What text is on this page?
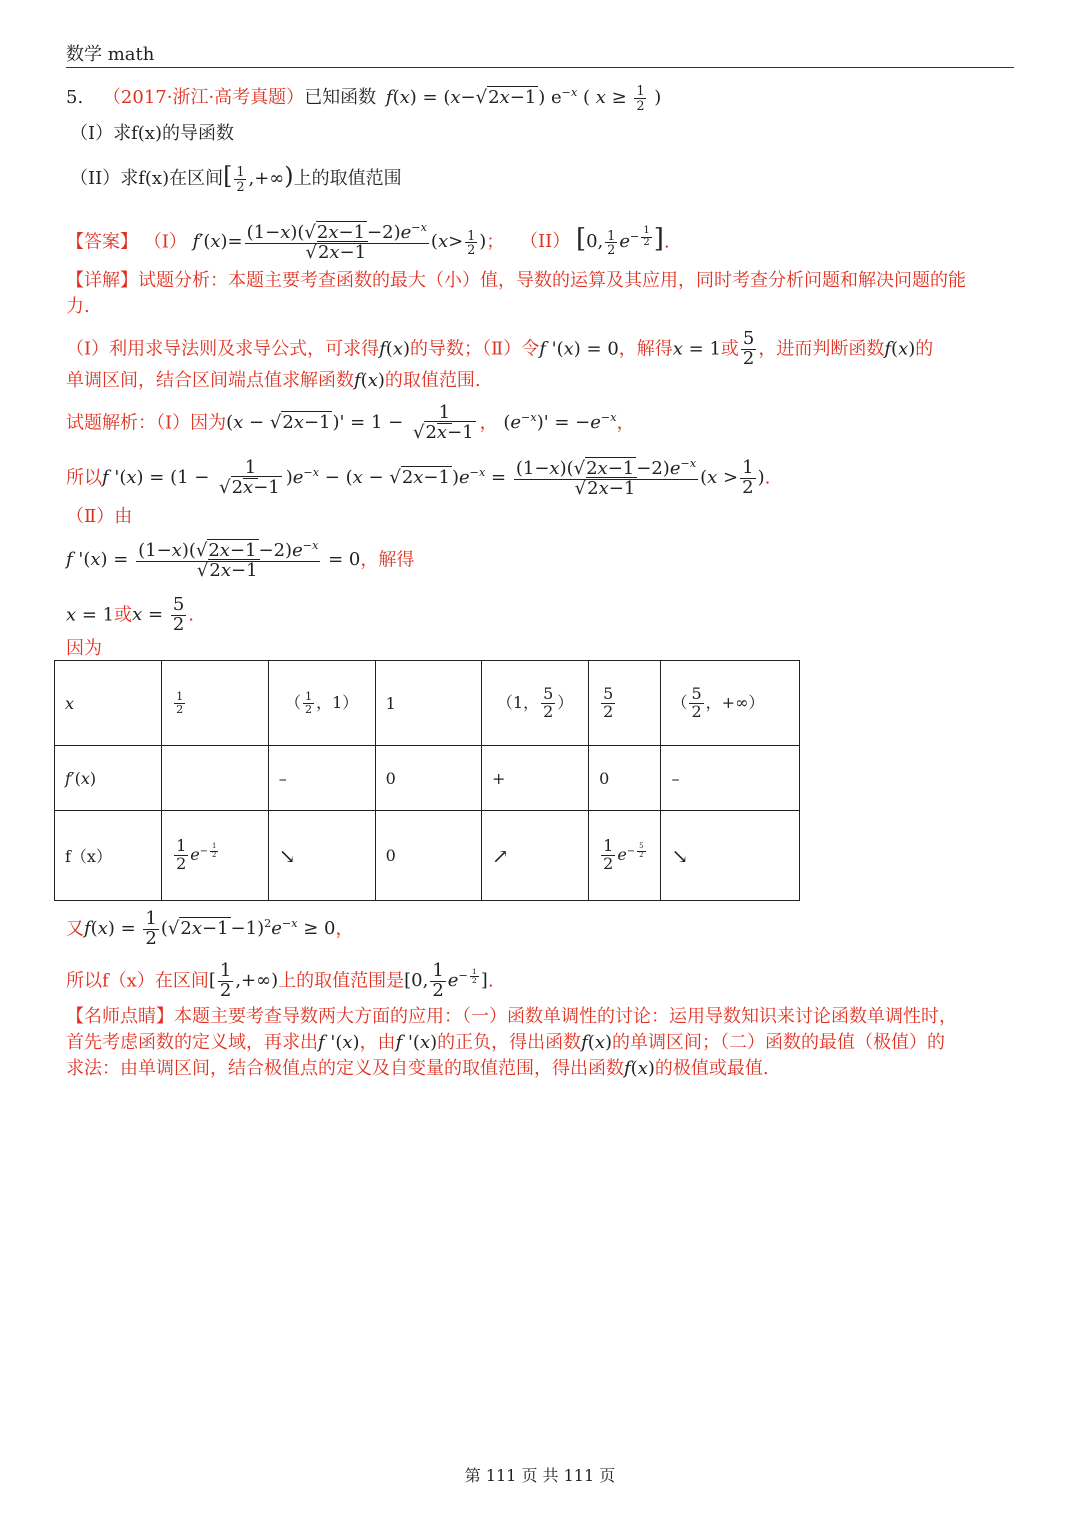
数学 math
5. （2017·浙江·高考真题）已知函数 f(x) = (x−√2x−1 ) $e^{-x}$ ( $x \ge \frac{1}{2}$ )
（I）求f(x)的导函数
（II）求f(x)在区间[ $\frac{1}{2}$ ,+∞)上的取值范围
【答案】 （I） $f'(x)= \frac{(1-x)(√2x-1 -2)e^{-x}}{√2x-1} (x> \frac{1}{2}$ )； （II） [0, $\frac{1}{2} e^{- \frac{1}{2}}$ ].
【详解】试题分析：本题主要考查函数的最大（小）值，导数的运算及其应用，同时考查分析问题和解决问题的能
力.
（Ⅰ）利用求导法则及求导公式，可求得f(x)的导数；（Ⅱ）令f '(x) = 0，解得x = 1或 $\frac{5}{2}$ ，进而判断函数f(x)的
单调区间，结合区间端点值求解函数f(x)的取值范围.
试题解析：（Ⅰ）因为(x − √2x−1 )' = $1 - \frac{1}{√2x-1}$ ， $(e^{-x})' = -e^{-x}$，
所以f '$(x) = (1 - \frac{1}{√2x-1} )e^{-x} - (x - √2x-1$ )$e^{-x} = \frac{(1-x)(√2x-1 -2)e^{-x}}{√2x-1} (x > \frac{1}{2}$ ).
（Ⅱ）由
f '$(x) = \frac{(1-x)(√2x-1 -2)e^{-x}}{√2x-1} = 0$，解得
x = 1或$x = \frac{5}{2}$ .
因为
x	$\frac{1}{2}$	（ $\frac{1}{2}$ ，1）	1	（1， $\frac{5}{2}$ ）	$\frac{5}{2}$	（ $\frac{5}{2}$ ，+∞）
f′(x)		–	0	+	0	–
f（x）	$\frac{1}{2} e^{- \frac{1}{2}}$	↘	0	↗	$\frac{1}{2} e^{- \frac{5}{2}}$	↘
又$f(x) = \frac{1}{2} (√2x-1 -1)^2e^{-x} \ge 0$，
所以f（x）在区间[ $\frac{1}{2}$ ,+∞)上的取值范围是[0, $\frac{1}{2} e^{- \frac{1}{2}}$ ].
【名师点睛】本题主要考查导数两大方面的应用：（一）函数单调性的讨论：运用导数知识来讨论函数单调性时，
首先考虑函数的定义域，再求出f '(x)，由f '(x)的正负，得出函数f(x)的单调区间；（二）函数的最值（极值）的
求法：由单调区间，结合极值点的定义及自变量的取值范围，得出函数f(x)的极值或最值.
第 111 页 共 111 页
